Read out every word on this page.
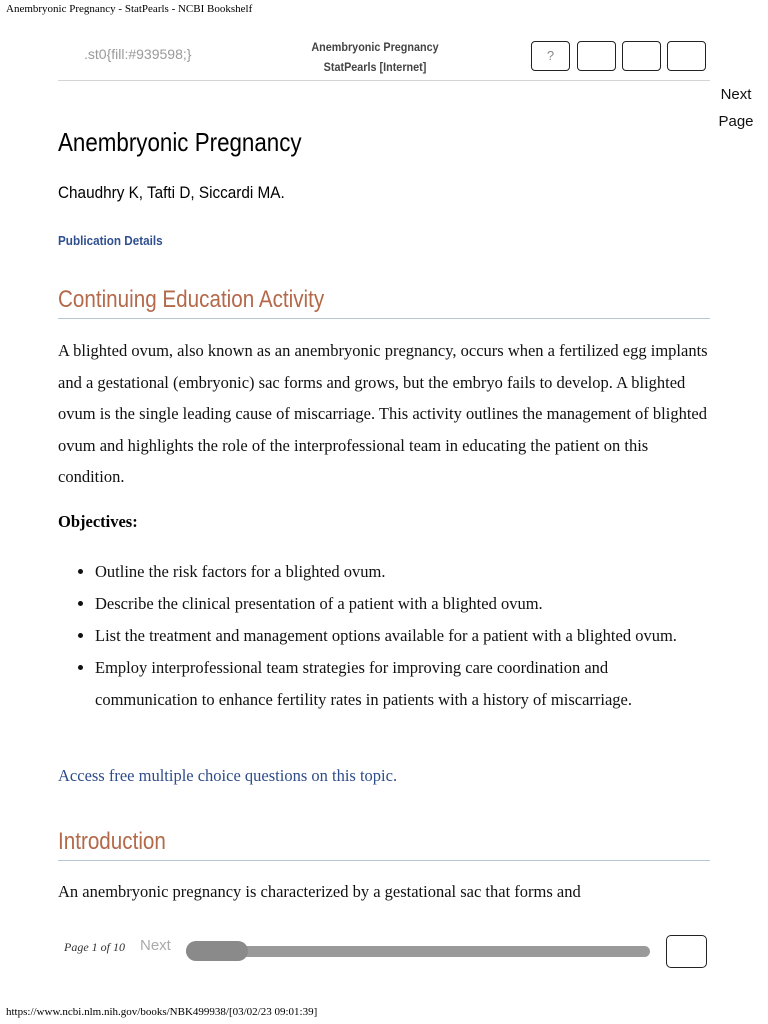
Anembryonic Pregnancy - StatPearls - NCBI Bookshelf
.st0{fill:#939598;}	Anembryonic Pregnancy
StatPearls [Internet]
?
Next
Page
Anembryonic Pregnancy
Chaudhry K, Tafti D, Siccardi MA.
Publication Details
Continuing Education Activity

A blighted ovum, also known as an anembryonic pregnancy, occurs when a fertilized egg implants and a gestational (embryonic) sac forms and grows, but the embryo fails to develop. A blighted ovum is the single leading cause of miscarriage. This activity outlines the management of blighted ovum and highlights the role of the interprofessional team in educating the patient on this condition.

Objectives:
• Outline the risk factors for a blighted ovum.
• Describe the clinical presentation of a patient with a blighted ovum.
• List the treatment and management options available for a patient with a blighted ovum.
• Employ interprofessional team strategies for improving care coordination and communication to enhance fertility rates in patients with a history of miscarriage.
Access free multiple choice questions on this topic.
Introduction

An anembryonic pregnancy is characterized by a gestational sac that forms and

Page 1 of 10 Next
https://www.ncbi.nlm.nih.gov/books/NBK499938/[03/02/23 09:01:39]
